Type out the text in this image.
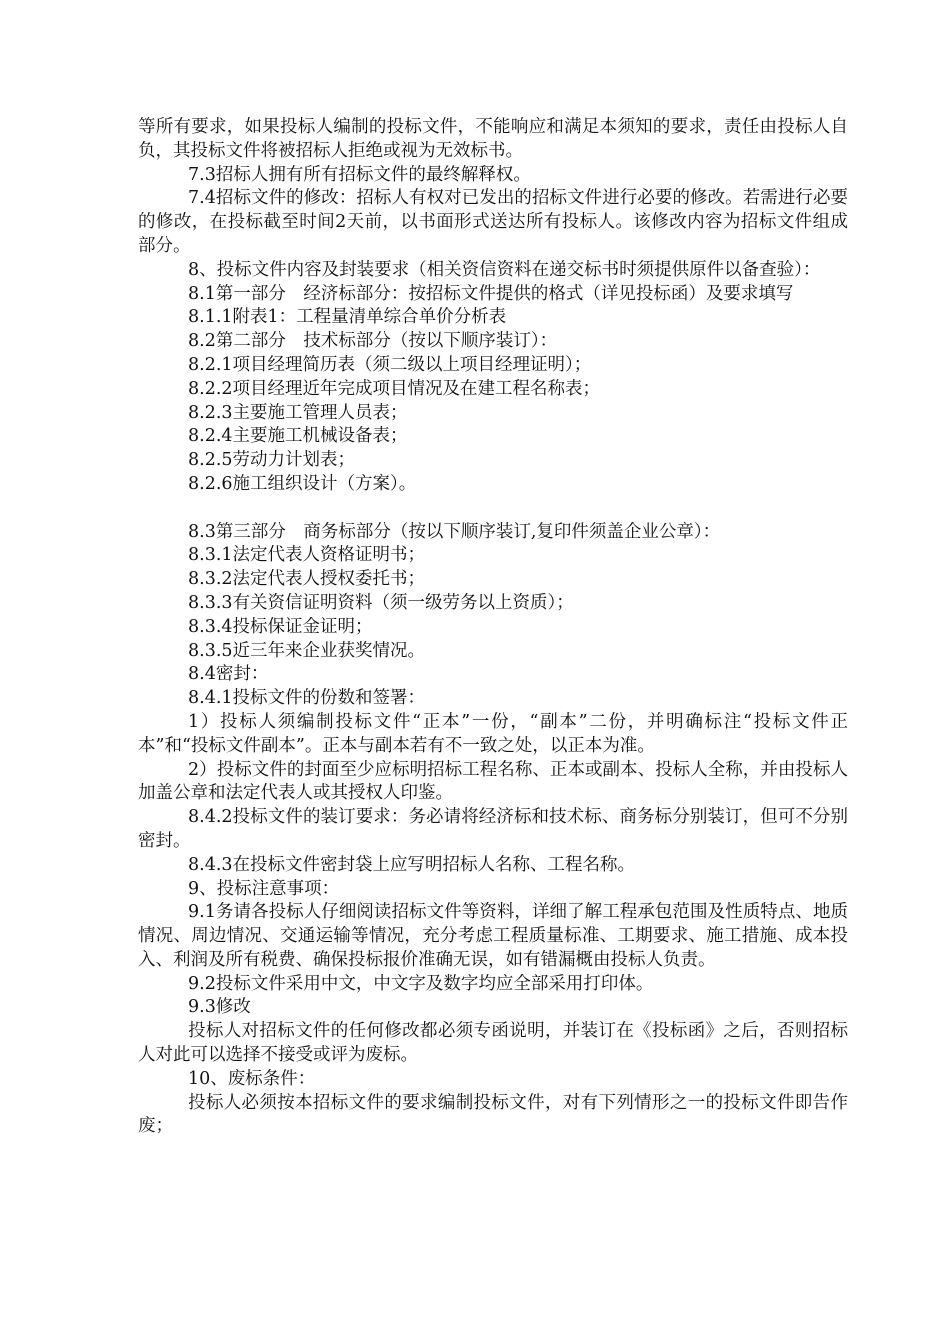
等所有要求，如果投标人编制的投标文件，不能响应和满足本须知的要求，责任由投标人自负，其投标文件将被招标人拒绝或视为无效标书。

7.3招标人拥有所有招标文件的最终解释权。

7.4招标文件的修改：招标人有权对已发出的招标文件进行必要的修改。若需进行必要的修改，在投标截至时间2天前，以书面形式送达所有投标人。该修改内容为招标文件组成部分。

8、投标文件内容及封装要求（相关资信资料在递交标书时须提供原件以备查验）：

8.1第一部分　经济标部分：按招标文件提供的格式（详见投标函）及要求填写

8.1.1附表1：工程量清单综合单价分析表

8.2第二部分　技术标部分（按以下顺序装订）：

8.2.1项目经理简历表（须二级以上项目经理证明）；

8.2.2项目经理近年完成项目情况及在建工程名称表；

8.2.3主要施工管理人员表；

8.2.4主要施工机械设备表；

8.2.5劳动力计划表；

8.2.6施工组织设计（方案）。

8.3第三部分　商务标部分（按以下顺序装订,复印件须盖企业公章）：

8.3.1法定代表人资格证明书；

8.3.2法定代表人授权委托书；

8.3.3有关资信证明资料（须一级劳务以上资质）；

8.3.4投标保证金证明；

8.3.5近三年来企业获奖情况。

8.4密封：

8.4.1投标文件的份数和签署：

1）投标人须编制投标文件“正本”一份，“副本”二份，并明确标注“投标文件正本”和“投标文件副本”。正本与副本若有不一致之处，以正本为准。

2）投标文件的封面至少应标明招标工程名称、正本或副本、投标人全称，并由投标人加盖公章和法定代表人或其授权人印鉴。

8.4.2投标文件的装订要求：务必请将经济标和技术标、商务标分别装订，但可不分别密封。

8.4.3在投标文件密封袋上应写明招标人名称、工程名称。

9、投标注意事项：

9.1务请各投标人仔细阅读招标文件等资料，详细了解工程承包范围及性质特点、地质情况、周边情况、交通运输等情况，充分考虑工程质量标准、工期要求、施工措施、成本投入、利润及所有税费、确保投标报价准确无误，如有错漏概由投标人负责。

9.2投标文件采用中文，中文字及数字均应全部采用打印体。

9.3修改

投标人对招标文件的任何修改都必须专函说明，并装订在《投标函》之后，否则招标人对此可以选择不接受或评为废标。

10、废标条件：

投标人必须按本招标文件的要求编制投标文件，对有下列情形之一的投标文件即告作废；
